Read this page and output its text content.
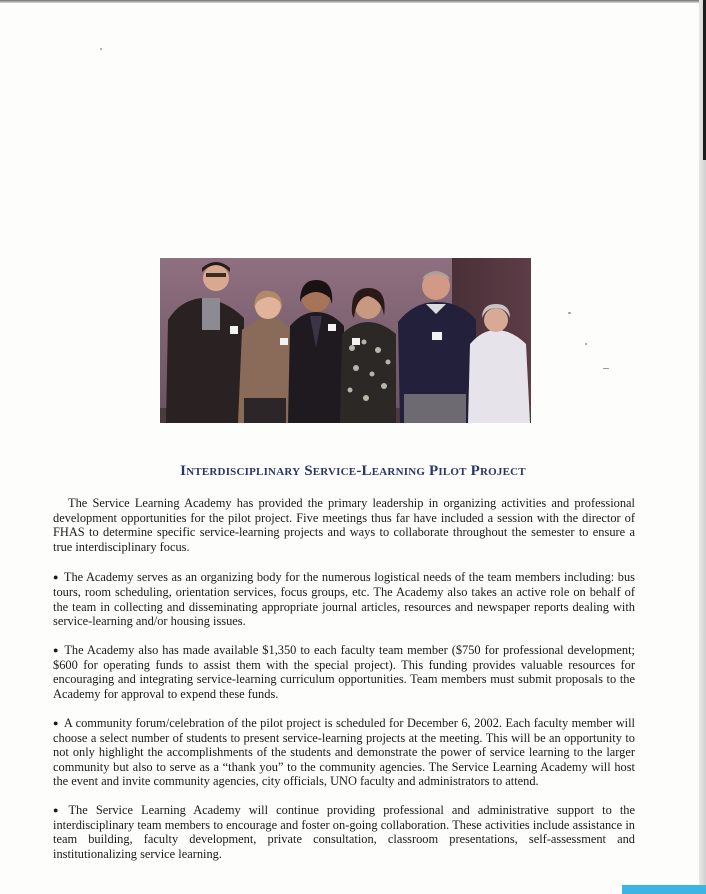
Interdisciplinary Service-Learning Pilot Project

The Service Learning Academy has provided the primary leadership in organizing activities and professional development opportunities for the pilot project. Five meetings thus far have included a session with the director of FHAS to determine specific service-learning projects and ways to collaborate throughout the semester to ensure a true interdisciplinary focus.

● The Academy serves as an organizing body for the numerous logistical needs of the team members including: bus tours, room scheduling, orientation services, focus groups, etc. The Academy also takes an active role on behalf of the team in collecting and disseminating appropriate journal articles, resources and newspaper reports dealing with service-learning and/or housing issues.

● The Academy also has made available $1,350 to each faculty team member ($750 for professional development; $600 for operating funds to assist them with the special project). This funding provides valuable resources for encouraging and integrating service-learning curriculum opportunities. Team members must submit proposals to the Academy for approval to expend these funds.

● A community forum/celebration of the pilot project is scheduled for December 6, 2002. Each faculty member will choose a select number of students to present service-learning projects at the meeting. This will be an opportunity to not only highlight the accomplishments of the students and demonstrate the power of service learning to the larger community but also to serve as a “thank you” to the community agencies. The Service Learning Academy will host the event and invite community agencies, city officials, UNO faculty and administrators to attend.

● The Service Learning Academy will continue providing professional and administrative support to the interdisciplinary team members to encourage and foster on-going collaboration. These activities include assistance in team building, faculty development, private consultation, classroom presentations, self-assessment and institutionalizing service learning.
